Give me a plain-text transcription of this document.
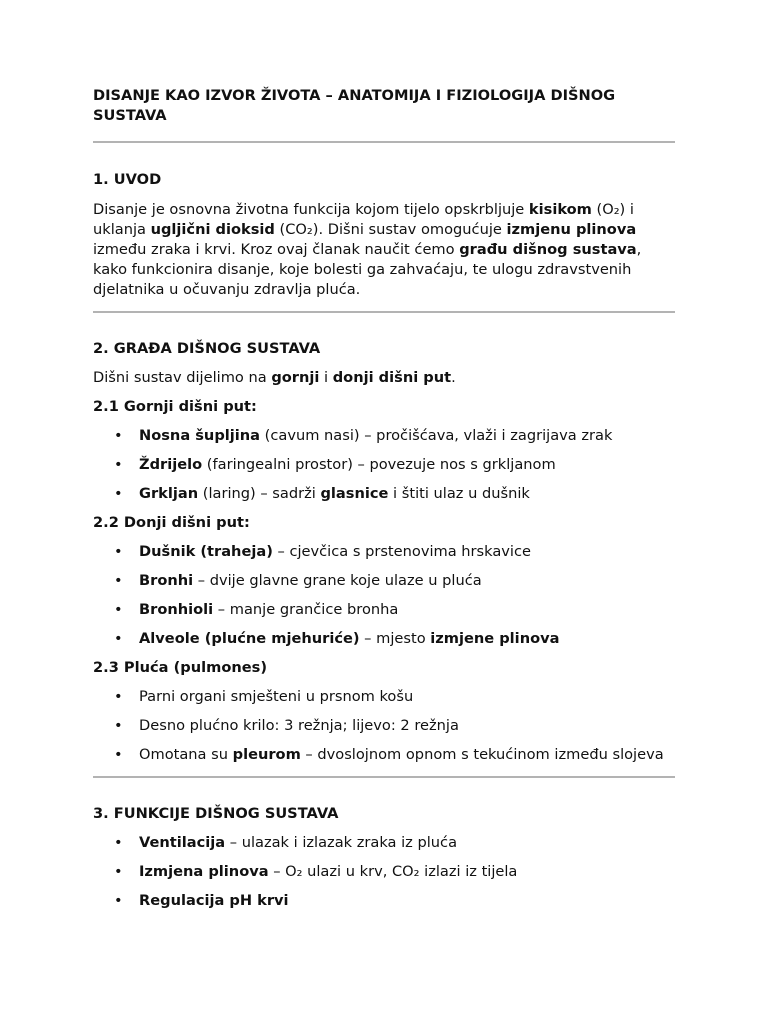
DISANJE KAO IZVOR ŽIVOTA – ANATOMIJA I FIZIOLOGIJA DIŠNOG SUSTAVA
1. UVOD

Disanje je osnovna životna funkcija kojom tijelo opskrbljuje kisikom (O₂) i uklanja ugljični dioksid (CO₂). Dišni sustav omogućuje izmjenu plinova između zraka i krvi. Kroz ovaj članak naučit ćemo građu dišnog sustava, kako funkcionira disanje, koje bolesti ga zahvaćaju, te ulogu zdravstvenih djelatnika u očuvanju zdravlja pluća.

2. GRAĐA DIŠNOG SUSTAVA

Dišni sustav dijelimo na gornji i donji dišni put.

2.1 Gornji dišni put:
• Nosna šupljina (cavum nasi) – pročišćava, vlaži i zagrijava zrak
• Ždrijelo (faringealni prostor) – povezuje nos s grkljanom
• Grkljan (laring) – sadrži glasnice i štiti ulaz u dušnik
2.2 Donji dišni put:
• Dušnik (traheja) – cjevčica s prstenovima hrskavice
• Bronhi – dvije glavne grane koje ulaze u pluća
• Bronhioli – manje grančice bronha
• Alveole (plućne mjehuriće) – mjesto izmjene plinova
2.3 Pluća (pulmones)
• Parni organi smješteni u prsnom košu
• Desno plućno krilo: 3 režnja; lijevo: 2 režnja
• Omotana su pleurom – dvoslojnom opnom s tekućinom između slojeva
3. FUNKCIJE DIŠNOG SUSTAVA
• Ventilacija – ulazak i izlazak zraka iz pluća
• Izmjena plinova – O₂ ulazi u krv, CO₂ izlazi iz tijela
• Regulacija pH krvi
